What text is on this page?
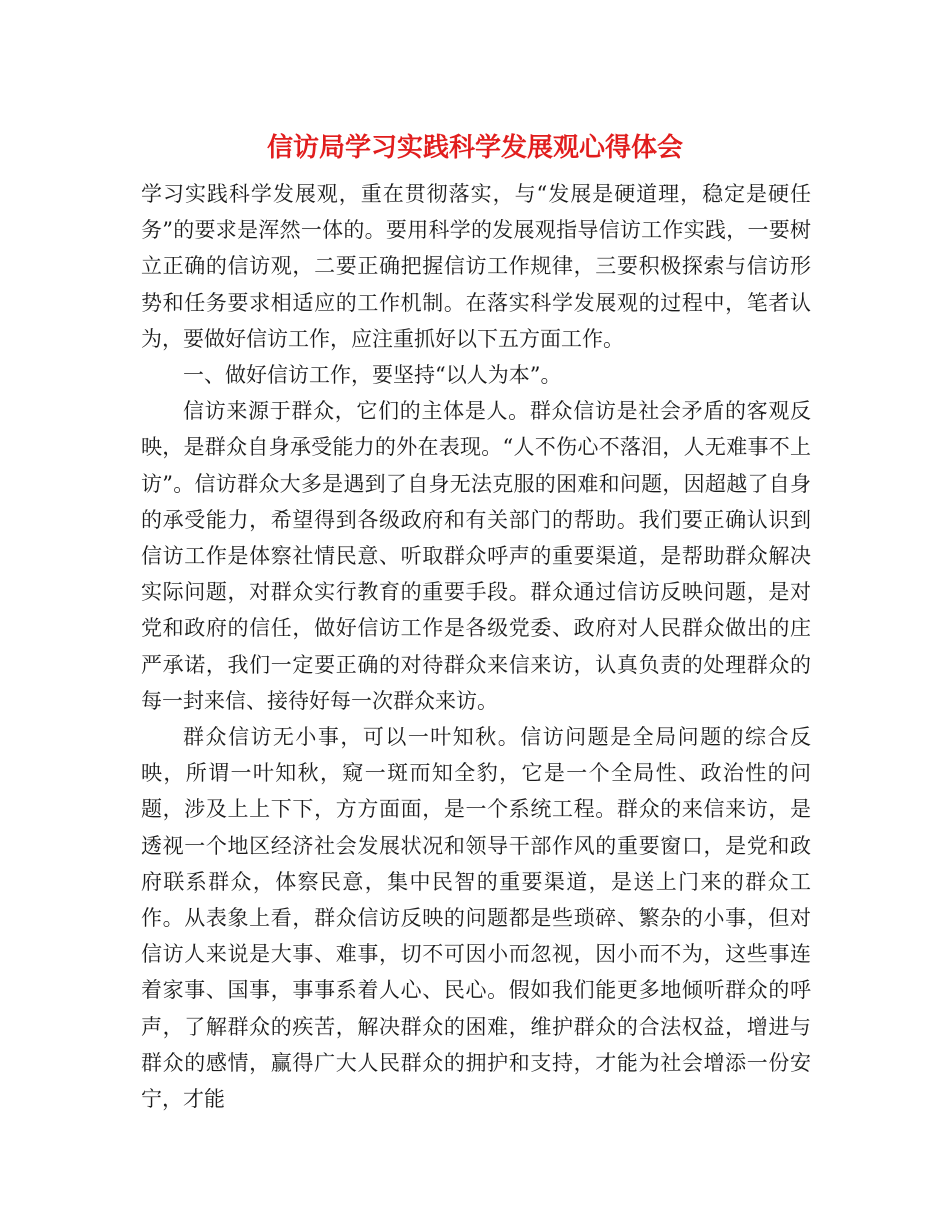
信访局学习实践科学发展观心得体会

学习实践科学发展观，重在贯彻落实，与“发展是硬道理，稳定是硬任务”的要求是浑然一体的。要用科学的发展观指导信访工作实践，一要树立正确的信访观，二要正确把握信访工作规律，三要积极探索与信访形势和任务要求相适应的工作机制。在落实科学发展观的过程中，笔者认为，要做好信访工作，应注重抓好以下五方面工作。

一、做好信访工作，要坚持“以人为本”。

信访来源于群众，它们的主体是人。群众信访是社会矛盾的客观反映，是群众自身承受能力的外在表现。“人不伤心不落泪，人无难事不上访”。信访群众大多是遇到了自身无法克服的困难和问题，因超越了自身的承受能力，希望得到各级政府和有关部门的帮助。我们要正确认识到信访工作是体察社情民意、听取群众呼声的重要渠道，是帮助群众解决实际问题，对群众实行教育的重要手段。群众通过信访反映问题，是对党和政府的信任，做好信访工作是各级党委、政府对人民群众做出的庄严承诺，我们一定要正确的对待群众来信来访，认真负责的处理群众的每一封来信、接待好每一次群众来访。

群众信访无小事，可以一叶知秋。信访问题是全局问题的综合反映，所谓一叶知秋，窥一斑而知全豹，它是一个全局性、政治性的问题，涉及上上下下，方方面面，是一个系统工程。群众的来信来访，是透视一个地区经济社会发展状况和领导干部作风的重要窗口，是党和政府联系群众，体察民意，集中民智的重要渠道，是送上门来的群众工作。从表象上看，群众信访反映的问题都是些琐碎、繁杂的小事，但对信访人来说是大事、难事，切不可因小而忽视，因小而不为，这些事连着家事、国事，事事系着人心、民心。假如我们能更多地倾听群众的呼声，了解群众的疾苦，解决群众的困难，维护群众的合法权益，增进与群众的感情，赢得广大人民群众的拥护和支持，才能为社会增添一份安宁，才能
